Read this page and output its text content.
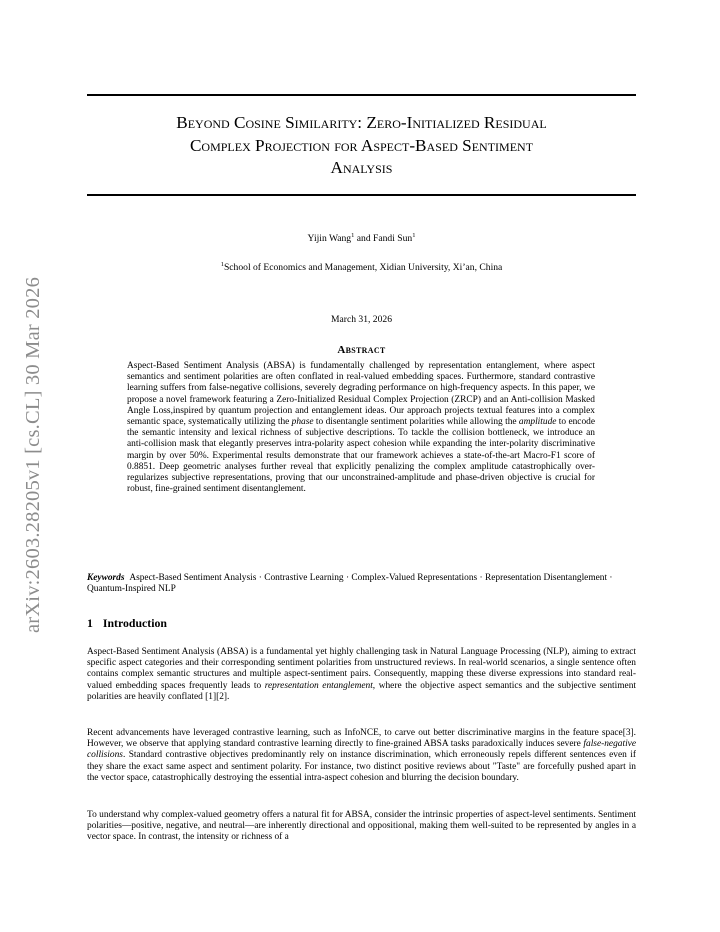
arXiv:2603.28205v1 [cs.CL] 30 Mar 2026
Beyond Cosine Similarity: Zero-Initialized Residual
Complex Projection for Aspect-Based Sentiment
Analysis
Yijin Wang$^1$ and Fandi Sun$^1$
$^1$School of Economics and Management, Xidian University, Xi’an, China
March 31, 2026
Abstract

Aspect-Based Sentiment Analysis (ABSA) is fundamentally challenged by representation entanglement, where aspect semantics and sentiment polarities are often conflated in real-valued embedding spaces. Furthermore, standard contrastive learning suffers from false-negative collisions, severely degrading performance on high-frequency aspects. In this paper, we propose a novel framework featuring a Zero-Initialized Residual Complex Projection (ZRCP) and an Anti-collision Masked Angle Loss,inspired by quantum projection and entanglement ideas. Our approach projects textual features into a complex semantic space, systematically utilizing the phase to disentangle sentiment polarities while allowing the amplitude to encode the semantic intensity and lexical richness of subjective descriptions. To tackle the collision bottleneck, we introduce an anti-collision mask that elegantly preserves intra-polarity aspect cohesion while expanding the inter-polarity discriminative margin by over 50%. Experimental results demonstrate that our framework achieves a state-of-the-art Macro-F1 score of 0.8851. Deep geometric analyses further reveal that explicitly penalizing the complex amplitude catastrophically over-regularizes subjective representations, proving that our unconstrained-amplitude and phase-driven objective is crucial for robust, fine-grained sentiment disentanglement.

Keywords Aspect-Based Sentiment Analysis · Contrastive Learning · Complex-Valued Representations · Representation Disentanglement · Quantum-Inspired NLP

1 Introduction

Aspect-Based Sentiment Analysis (ABSA) is a fundamental yet highly challenging task in Natural Language Processing (NLP), aiming to extract specific aspect categories and their corresponding sentiment polarities from unstructured reviews. In real-world scenarios, a single sentence often contains complex semantic structures and multiple aspect-sentiment pairs. Consequently, mapping these diverse expressions into standard real-valued embedding spaces frequently leads to representation entanglement, where the objective aspect semantics and the subjective sentiment polarities are heavily conflated [1][2].

Recent advancements have leveraged contrastive learning, such as InfoNCE, to carve out better discriminative margins in the feature space[3]. However, we observe that applying standard contrastive learning directly to fine-grained ABSA tasks paradoxically induces severe false-negative collisions. Standard contrastive objectives predominantly rely on instance discrimination, which erroneously repels different sentences even if they share the exact same aspect and sentiment polarity. For instance, two distinct positive reviews about "Taste" are forcefully pushed apart in the vector space, catastrophically destroying the essential intra-aspect cohesion and blurring the decision boundary.

To understand why complex-valued geometry offers a natural fit for ABSA, consider the intrinsic properties of aspect-level sentiments. Sentiment polarities—positive, negative, and neutral—are inherently directional and oppositional, making them well-suited to be represented by angles in a vector space. In contrast, the intensity or richness of a
